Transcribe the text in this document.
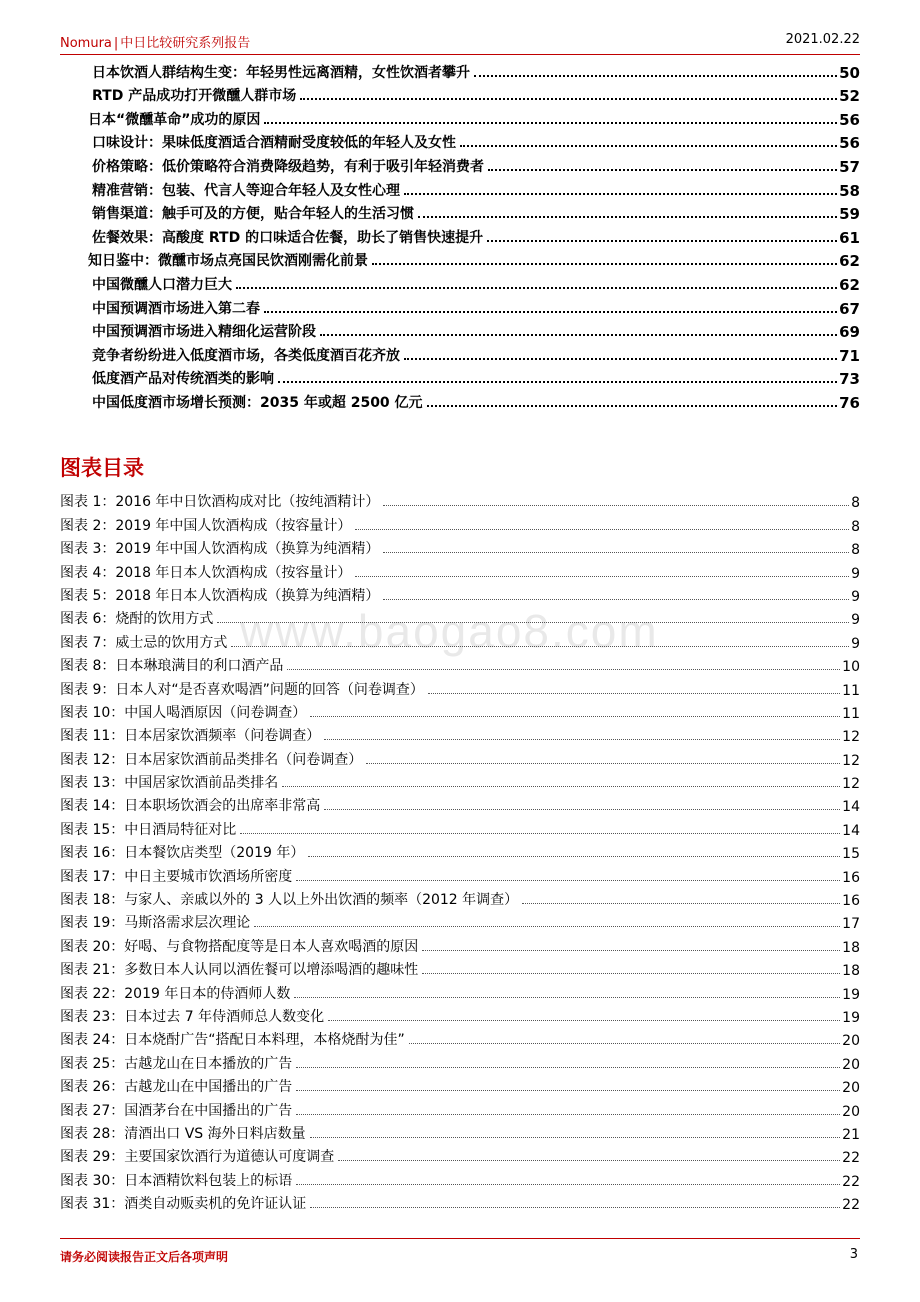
Nomura | 中日比较研究系列报告	2021.02.22
www.baogao8.com
日本饮酒人群结构生变：年轻男性远离酒精，女性饮酒者攀升	50
RTD 产品成功打开微醺人群市场	52
日本“微醺革命”成功的原因	56
口味设计：果味低度酒适合酒精耐受度较低的年轻人及女性	56
价格策略：低价策略符合消费降级趋势，有利于吸引年轻消费者	57
精准营销：包装、代言人等迎合年轻人及女性心理	58
销售渠道：触手可及的方便，贴合年轻人的生活习惯	59
佐餐效果：高酸度 RTD 的口味适合佐餐，助长了销售快速提升	61
知日鉴中：微醺市场点亮国民饮酒刚需化前景	62
中国微醺人口潜力巨大	62
中国预调酒市场进入第二春	67
中国预调酒市场进入精细化运营阶段	69
竞争者纷纷进入低度酒市场，各类低度酒百花齐放	71
低度酒产品对传统酒类的影响	73
中国低度酒市场增长预测：2035 年或超 2500 亿元	76
图表目录
图表 1：2016 年中日饮酒构成对比（按纯酒精计）	8
图表 2：2019 年中国人饮酒构成（按容量计）	8
图表 3：2019 年中国人饮酒构成（换算为纯酒精）	8
图表 4：2018 年日本人饮酒构成（按容量计）	9
图表 5：2018 年日本人饮酒构成（换算为纯酒精）	9
图表 6：烧酎的饮用方式	9
图表 7：威士忌的饮用方式	9
图表 8：日本琳琅满目的利口酒产品	10
图表 9：日本人对“是否喜欢喝酒”问题的回答（问卷调查）	11
图表 10：中国人喝酒原因（问卷调查）	11
图表 11：日本居家饮酒频率（问卷调查）	12
图表 12：日本居家饮酒前品类排名（问卷调查）	12
图表 13：中国居家饮酒前品类排名	12
图表 14：日本职场饮酒会的出席率非常高	14
图表 15：中日酒局特征对比	14
图表 16：日本餐饮店类型（2019 年）	15
图表 17：中日主要城市饮酒场所密度	16
图表 18：与家人、亲戚以外的 3 人以上外出饮酒的频率（2012 年调查）	16
图表 19：马斯洛需求层次理论	17
图表 20：好喝、与食物搭配度等是日本人喜欢喝酒的原因	18
图表 21：多数日本人认同以酒佐餐可以增添喝酒的趣味性	18
图表 22：2019 年日本的侍酒师人数	19
图表 23：日本过去 7 年侍酒师总人数变化	19
图表 24：日本烧酎广告“搭配日本料理，本格烧酎为佳”	20
图表 25：古越龙山在日本播放的广告	20
图表 26：古越龙山在中国播出的广告	20
图表 27：国酒茅台在中国播出的广告	20
图表 28：清酒出口 VS 海外日料店数量	21
图表 29：主要国家饮酒行为道德认可度调查	22
图表 30：日本酒精饮料包装上的标语	22
图表 31：酒类自动贩卖机的免许证认证	22
请务必阅读报告正文后各项声明	3
